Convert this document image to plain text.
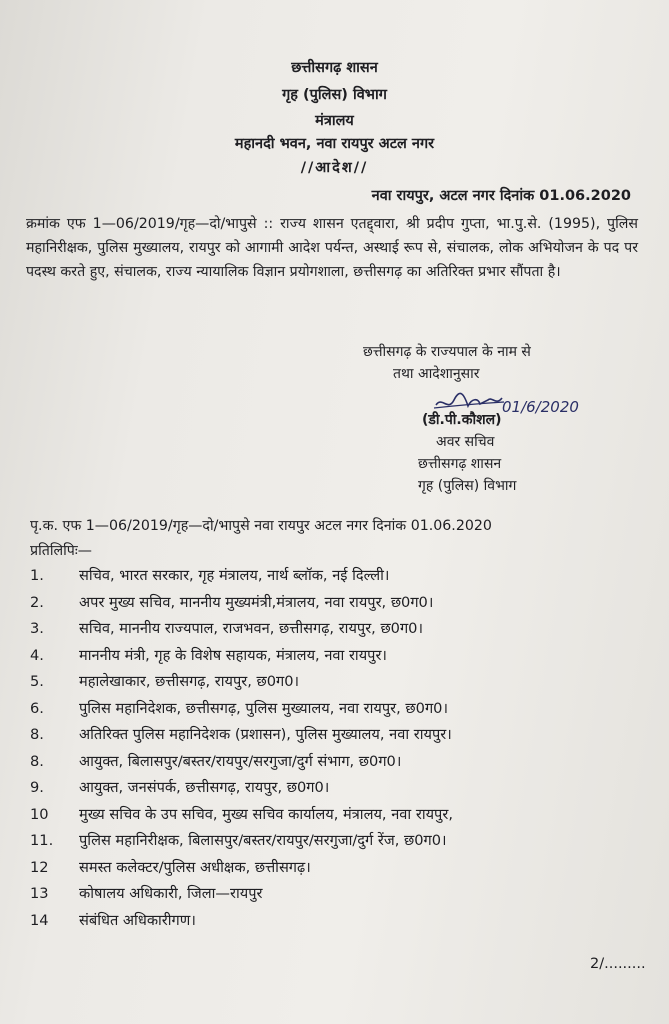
छत्तीसगढ़ शासन
गृह (पुलिस) विभाग
मंत्रालय
महानदी भवन, नवा रायपुर अटल नगर
//आदेश//
नवा रायपुर, अटल नगर दिनांक 01.06.2020
क्रमांक एफ 1—06/2019/गृह—दो/भापुसे :: राज्य शासन एतद्द्वारा, श्री प्रदीप गुप्ता, भा.पु.से. (1995), पुलिस महानिरीक्षक, पुलिस मुख्यालय, रायपुर को आगामी आदेश पर्यन्त, अस्थाई रूप से, संचालक, लोक अभियोजन के पद पर पदस्थ करते हुए, संचालक, राज्य न्यायालिक विज्ञान प्रयोगशाला, छत्तीसगढ़ का अतिरिक्त प्रभार सौंपता है।
छत्तीसगढ़ के राज्यपाल के नाम से
तथा आदेशानुसार
01/6/2020
(डी.पी.कौशल)
अवर सचिव
छत्तीसगढ़ शासन
गृह (पुलिस) विभाग
पृ.क. एफ 1—06/2019/गृह—दो/भापुसे नवा रायपुर अटल नगर दिनांक 01.06.2020
प्रतिलिपिः—
1.	सचिव, भारत सरकार, गृह मंत्रालय, नार्थ ब्लॉक, नई दिल्ली।
2.	अपर मुख्य सचिव, माननीय मुख्यमंत्री,मंत्रालय, नवा रायपुर, छ0ग0।
3.	सचिव, माननीय राज्यपाल, राजभवन, छत्तीसगढ़, रायपुर, छ0ग0।
4.	माननीय मंत्री, गृह के विशेष सहायक, मंत्रालय, नवा रायपुर।
5.	महालेखाकार, छत्तीसगढ़, रायपुर, छ0ग0।
6.	पुलिस महानिदेशक, छत्तीसगढ़, पुलिस मुख्यालय, नवा रायपुर, छ0ग0।
8.	अतिरिक्त पुलिस महानिदेशक (प्रशासन), पुलिस मुख्यालय, नवा रायपुर।
8.	आयुक्त, बिलासपुर/बस्तर/रायपुर/सरगुजा/दुर्ग संभाग, छ0ग0।
9.	आयुक्त, जनसंपर्क, छत्तीसगढ़, रायपुर, छ0ग0।
10	मुख्य सचिव के उप सचिव, मुख्य सचिव कार्यालय, मंत्रालय, नवा रायपुर,
11.	पुलिस महानिरीक्षक, बिलासपुर/बस्तर/रायपुर/सरगुजा/दुर्ग रेंज, छ0ग0।
12	समस्त कलेक्टर/पुलिस अधीक्षक, छत्तीसगढ़।
13	कोषालय अधिकारी, जिला—रायपुर
14	संबंधित अधिकारीगण।
2/.........
